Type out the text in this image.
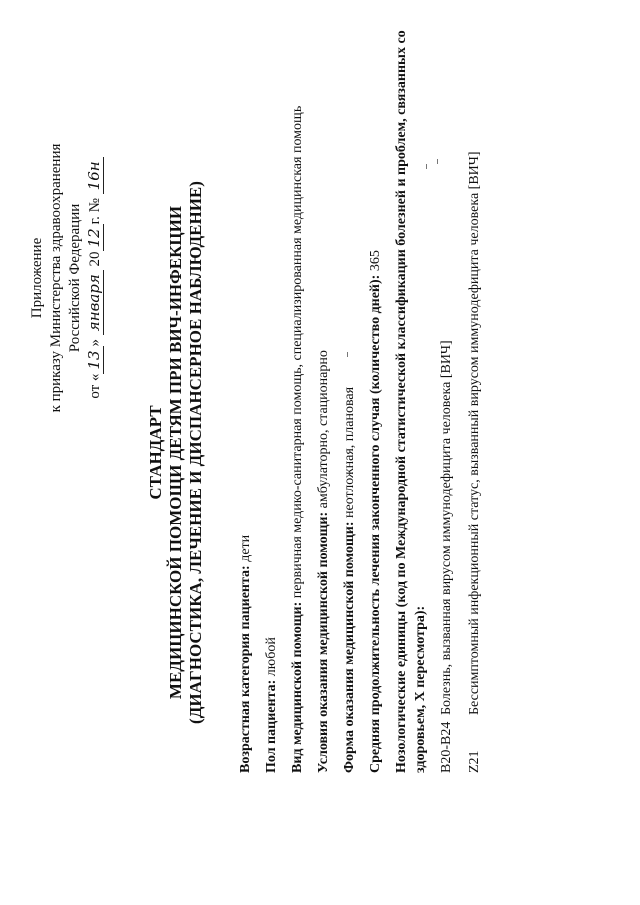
Приложение к приказу Министерства здравоохранения Российской Федерации
от «13» января 2012г. № 16н
СТАНДАРТ МЕДИЦИНСКОЙ ПОМОЩИ ДЕТЯМ ПРИ ВИЧ-ИНФЕКЦИИ (ДИАГНОСТИКА, ЛЕЧЕНИЕ И ДИСПАНСЕРНОЕ НАБЛЮДЕНИЕ) Возрастная категория пациента: дети
Пол пациента: любой Вид медицинской помощи: первичная медико-санитарная помощь, специализированная медицинская помощь
Условия оказания медицинской помощи: амбулаторно, стационарно
Форма оказания медицинской помощи: неотложная, плановая Средняя продолжительность лечения законченного случая (количество дней): 365 Нозологические единицы (код по Международной статистической классификации болезней и проблем, связанных со здоровьем, X пересмотра): B20-B24
Болезнь, вызванная вирусом иммунодефицита человека [ВИЧ]
Z21
Бессимптомный инфекционный статус, вызванный вирусом иммунодефицита человека [ВИЧ]
